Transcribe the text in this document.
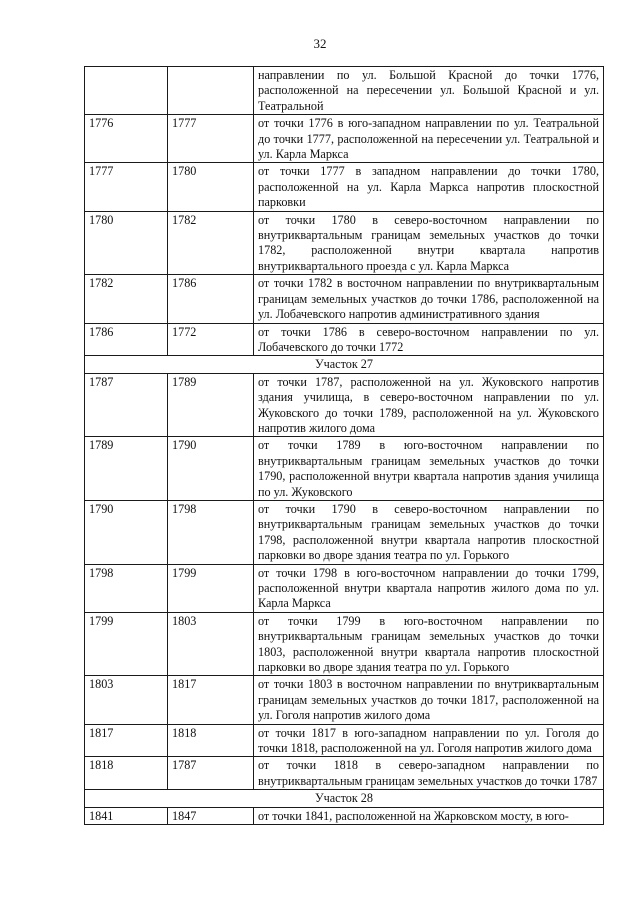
32
		направлении по ул. Большой Красной до точки 1776, расположенной на пересечении ул. Большой Красной и ул. Театральной
1776	1777	от точки 1776 в юго-западном направлении по ул. Театральной до точки 1777, расположенной на пересечении ул. Театральной и ул. Карла Маркса
1777	1780	от точки 1777 в западном направлении до точки 1780, расположенной на ул. Карла Маркса напротив плоскостной парковки
1780	1782	от точки 1780 в северо-восточном направлении по внутриквартальным границам земельных участков до точки 1782, расположенной внутри квартала напротив внутриквартального проезда с ул. Карла Маркса
1782	1786	от точки 1782 в восточном направлении по внутриквартальным границам земельных участков до точки 1786, расположенной на ул. Лобачевского напротив административного здания
1786	1772	от точки 1786 в северо-восточном направлении по ул. Лобачевского до точки 1772
Участок 27		
1787	1789	от точки 1787, расположенной на ул. Жуковского напротив здания училища, в северо-восточном направлении по ул. Жуковского до точки 1789, расположенной на ул. Жуковского напротив жилого дома
1789	1790	от точки 1789 в юго-восточном направлении по внутриквартальным границам земельных участков до точки 1790, расположенной внутри квартала напротив здания училища по ул. Жуковского
1790	1798	от точки 1790 в северо-восточном направлении по внутриквартальным границам земельных участков до точки 1798, расположенной внутри квартала напротив плоскостной парковки во дворе здания театра по ул. Горького
1798	1799	от точки 1798 в юго-восточном направлении до точки 1799, расположенной внутри квартала напротив жилого дома по ул. Карла Маркса
1799	1803	от точки 1799 в юго-восточном направлении по внутриквартальным границам земельных участков до точки 1803, расположенной внутри квартала напротив плоскостной парковки во дворе здания театра по ул. Горького
1803	1817	от точки 1803 в восточном направлении по внутриквартальным границам земельных участков до точки 1817, расположенной на ул. Гоголя напротив жилого дома
1817	1818	от точки 1817 в юго-западном направлении по ул. Гоголя до точки 1818, расположенной на ул. Гоголя напротив жилого дома
1818	1787	от точки 1818 в северо-западном направлении по внутриквартальным границам земельных участков до точки 1787
Участок 28		
1841	1847	от точки 1841, расположенной на Жарковском мосту, в юго-
